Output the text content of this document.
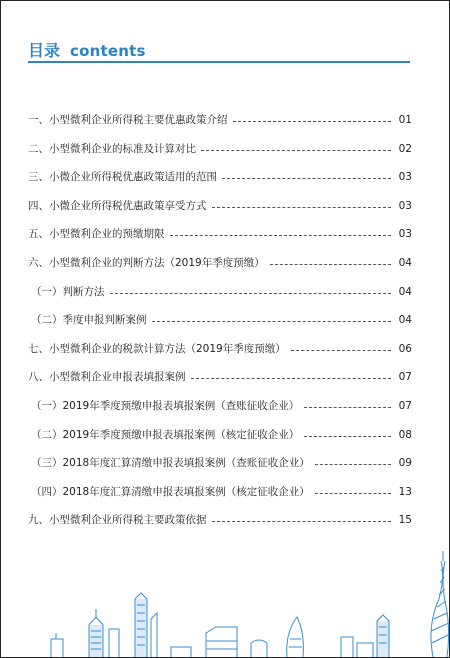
目录 contents
一、小型微利企业所得税主要优惠政策介绍	01
二、小型微利企业的标准及计算对比	02
三、小微企业所得税优惠政策适用的范围	03
四、小微企业所得税优惠政策享受方式	03
五、小型微利企业的预缴期限	03
六、小型微利企业的判断方法（2019年季度预缴）	04
（一）判断方法	04
（二）季度申报判断案例	04
七、小型微利企业的税款计算方法（2019年季度预缴）	06
八、小型微利企业申报表填报案例	07
（一）2019年季度预缴申报表填报案例（查账征收企业）	07
（二）2019年季度预缴申报表填报案例（核定征收企业）	08
（三）2018年度汇算清缴申报表填报案例（查账征收企业）	09
（四）2018年度汇算清缴申报表填报案例（核定征收企业）	13
九、小型微利企业所得税主要政策依据	15
